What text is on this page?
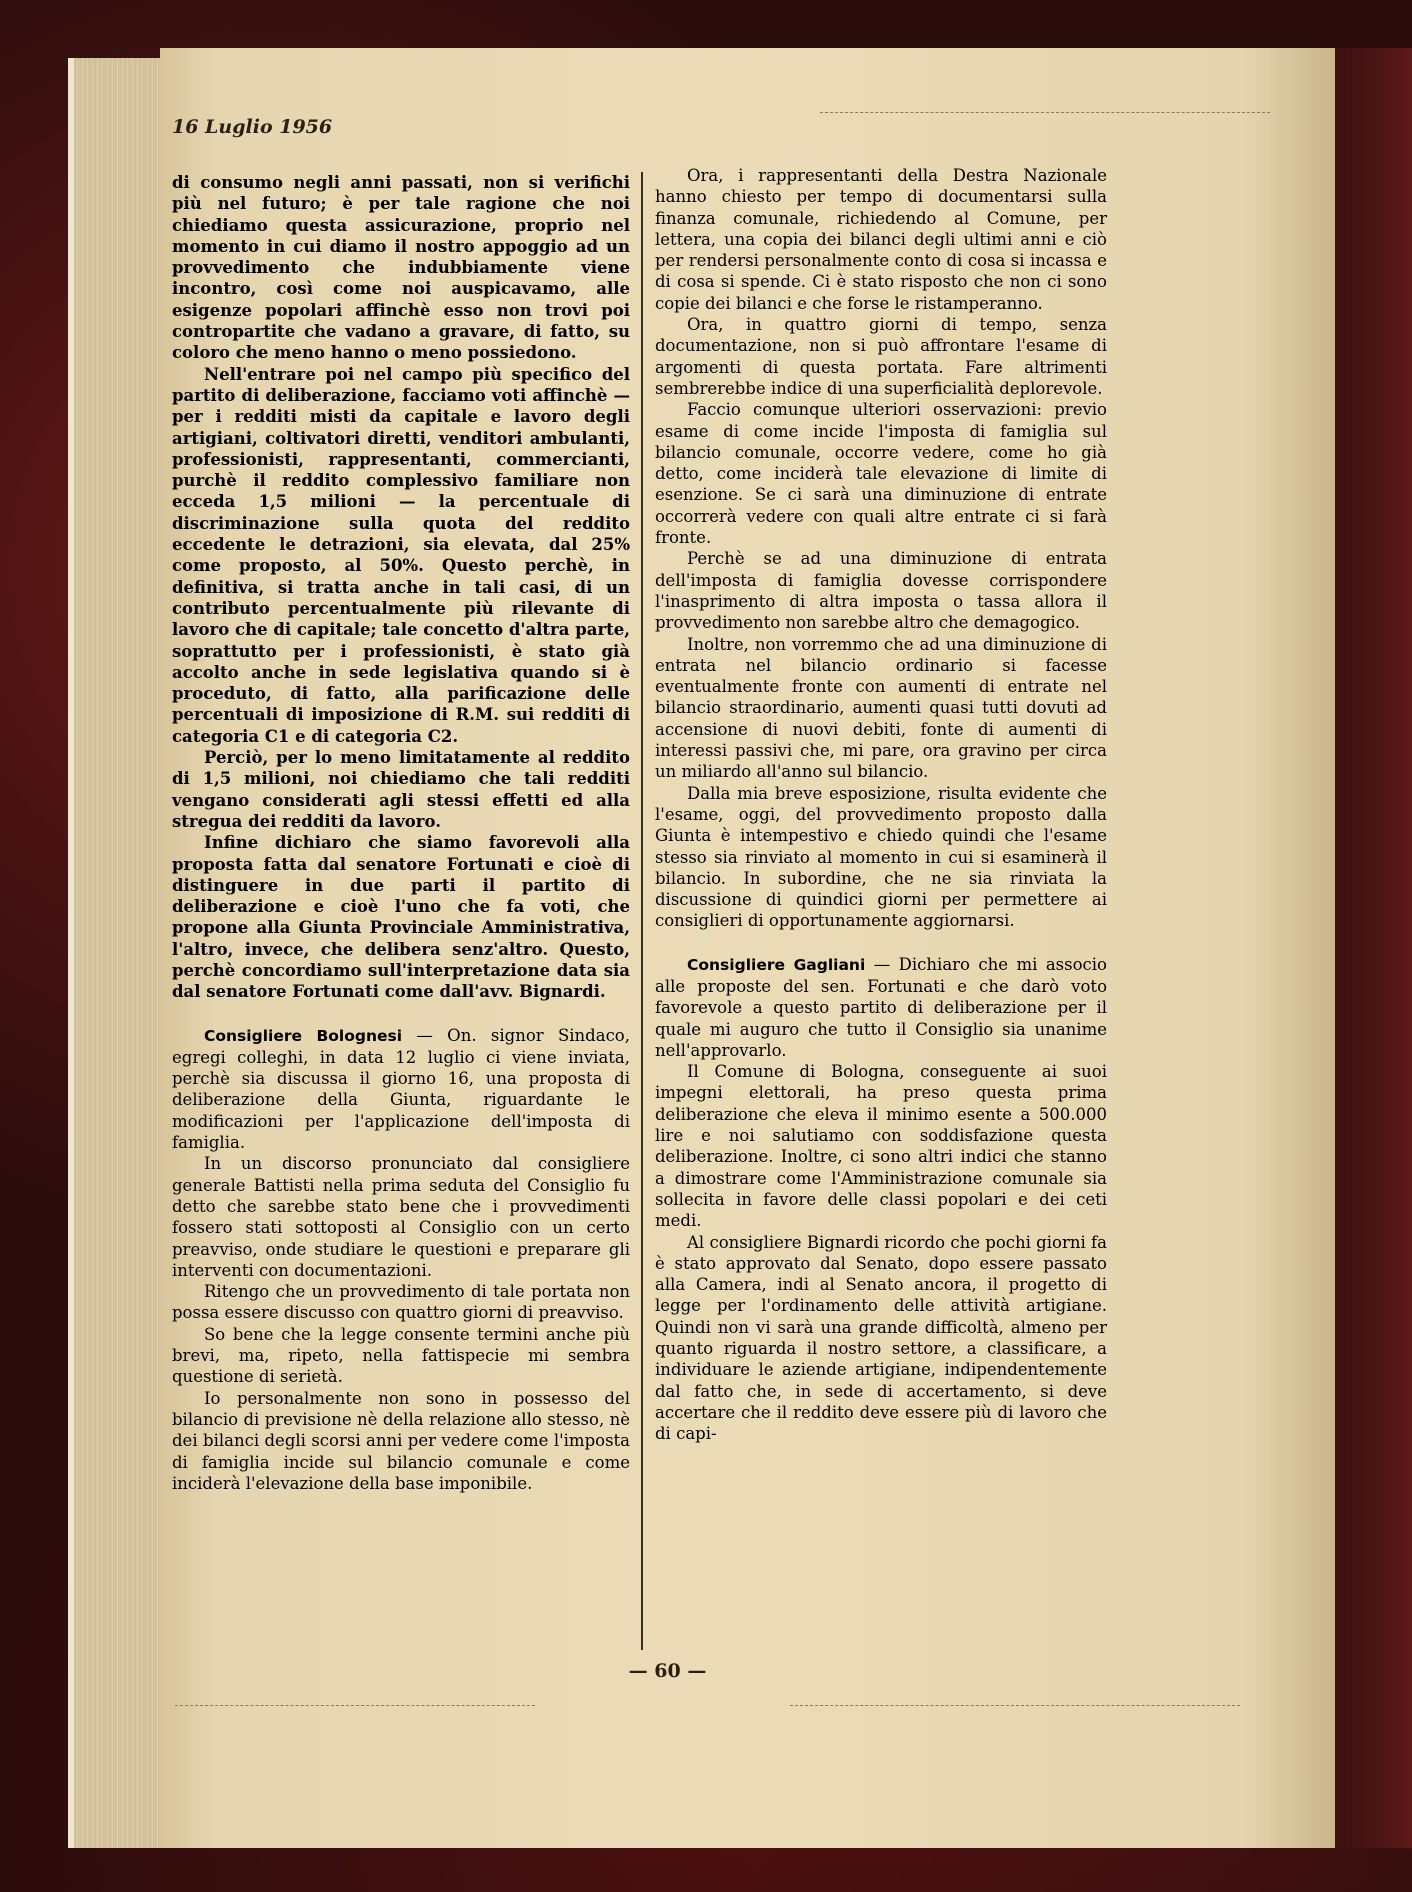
16 Luglio 1956

di consumo negli anni passati, non si verifichi più nel futuro; è per tale ragione che noi chiediamo questa assicurazione, proprio nel momento in cui diamo il nostro appoggio ad un provvedimento che indubbiamente viene incontro, così come noi auspicavamo, alle esigenze popolari affinchè esso non trovi poi contropartite che vadano a gravare, di fatto, su coloro che meno hanno o meno possiedono.

Nell'entrare poi nel campo più specifico del partito di deliberazione, facciamo voti affinchè — per i redditi misti da capitale e lavoro degli artigiani, coltivatori diretti, venditori ambulanti, professionisti, rappresentanti, commercianti, purchè il reddito complessivo familiare non ecceda 1,5 milioni — la percentuale di discriminazione sulla quota del reddito eccedente le detrazioni, sia elevata, dal 25% come proposto, al 50%. Questo perchè, in definitiva, si tratta anche in tali casi, di un contributo percentualmente più rilevante di lavoro che di capitale; tale concetto d'altra parte, soprattutto per i professionisti, è stato già accolto anche in sede legislativa quando si è proceduto, di fatto, alla parificazione delle percentuali di imposizione di R.M. sui redditi di categoria C1 e di categoria C2.

Perciò, per lo meno limitatamente al reddito di 1,5 milioni, noi chiediamo che tali redditi vengano considerati agli stessi effetti ed alla stregua dei redditi da lavoro.

Infine dichiaro che siamo favorevoli alla proposta fatta dal senatore Fortunati e cioè di distinguere in due parti il partito di deliberazione e cioè l'uno che fa voti, che propone alla Giunta Provinciale Amministrativa, l'altro, invece, che delibera senz'altro. Questo, perchè concordiamo sull'interpretazione data sia dal senatore Fortunati come dall'avv. Bignardi.

Consigliere Bolognesi — On. signor Sindaco, egregi colleghi, in data 12 luglio ci viene inviata, perchè sia discussa il giorno 16, una proposta di deliberazione della Giunta, riguardante le modificazioni per l'applicazione dell'imposta di famiglia.

In un discorso pronunciato dal consigliere generale Battisti nella prima seduta del Consiglio fu detto che sarebbe stato bene che i provvedimenti fossero stati sottoposti al Consiglio con un certo preavviso, onde studiare le questioni e preparare gli interventi con documentazioni.

Ritengo che un provvedimento di tale portata non possa essere discusso con quattro giorni di preavviso.

So bene che la legge consente termini anche più brevi, ma, ripeto, nella fattispecie mi sembra questione di serietà.

Io personalmente non sono in possesso del bilancio di previsione nè della relazione allo stesso, nè dei bilanci degli scorsi anni per vedere come l'imposta di famiglia incide sul bilancio comunale e come inciderà l'elevazione della base imponibile.

Ora, i rappresentanti della Destra Nazionale hanno chiesto per tempo di documentarsi sulla finanza comunale, richiedendo al Comune, per lettera, una copia dei bilanci degli ultimi anni e ciò per rendersi personalmente conto di cosa si incassa e di cosa si spende. Ci è stato risposto che non ci sono copie dei bilanci e che forse le ristamperanno.

Ora, in quattro giorni di tempo, senza documentazione, non si può affrontare l'esame di argomenti di questa portata. Fare altrimenti sembrerebbe indice di una superficialità deplorevole.

Faccio comunque ulteriori osservazioni: previo esame di come incide l'imposta di famiglia sul bilancio comunale, occorre vedere, come ho già detto, come inciderà tale elevazione di limite di esenzione. Se ci sarà una diminuzione di entrate occorrerà vedere con quali altre entrate ci si farà fronte.

Perchè se ad una diminuzione di entrata dell'imposta di famiglia dovesse corrispondere l'inasprimento di altra imposta o tassa allora il provvedimento non sarebbe altro che demagogico.

Inoltre, non vorremmo che ad una diminuzione di entrata nel bilancio ordinario si facesse eventualmente fronte con aumenti di entrate nel bilancio straordinario, aumenti quasi tutti dovuti ad accensione di nuovi debiti, fonte di aumenti di interessi passivi che, mi pare, ora gravino per circa un miliardo all'anno sul bilancio.

Dalla mia breve esposizione, risulta evidente che l'esame, oggi, del provvedimento proposto dalla Giunta è intempestivo e chiedo quindi che l'esame stesso sia rinviato al momento in cui si esaminerà il bilancio. In subordine, che ne sia rinviata la discussione di quindici giorni per permettere ai consiglieri di opportunamente aggiornarsi.

Consigliere Gagliani — Dichiaro che mi associo alle proposte del sen. Fortunati e che darò voto favorevole a questo partito di deliberazione per il quale mi auguro che tutto il Consiglio sia unanime nell'approvarlo.

Il Comune di Bologna, conseguente ai suoi impegni elettorali, ha preso questa prima deliberazione che eleva il minimo esente a 500.000 lire e noi salutiamo con soddisfazione questa deliberazione. Inoltre, ci sono altri indici che stanno a dimostrare come l'Amministrazione comunale sia sollecita in favore delle classi popolari e dei ceti medi.

Al consigliere Bignardi ricordo che pochi giorni fa è stato approvato dal Senato, dopo essere passato alla Camera, indi al Senato ancora, il progetto di legge per l'ordinamento delle attività artigiane. Quindi non vi sarà una grande difficoltà, almeno per quanto riguarda il nostro settore, a classificare, a individuare le aziende artigiane, indipendentemente dal fatto che, in sede di accertamento, si deve accertare che il reddito deve essere più di lavoro che di capi-

— 60 —
